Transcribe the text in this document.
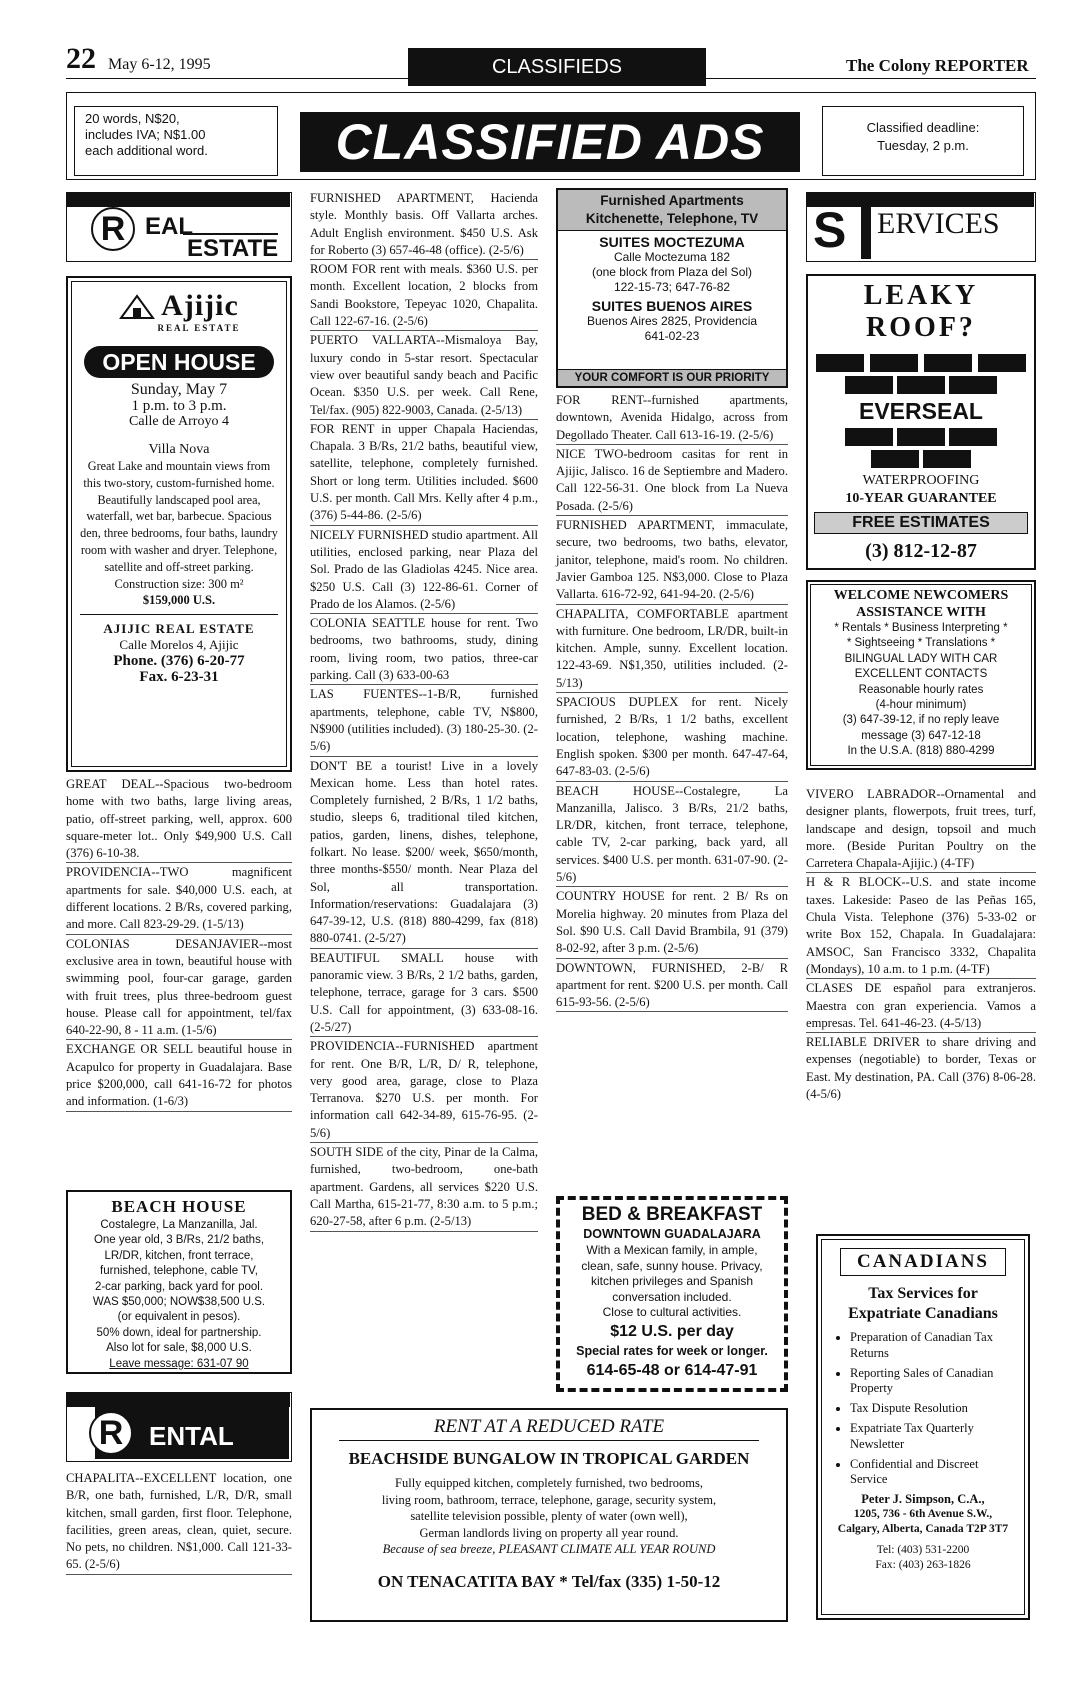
22 May 6-12, 1995	CLASSIFIEDS	The Colony REPORTER
20 words, N$20,
includes IVA; N$1.00
each additional word.	CLASSIFIED ADS	Classified deadline:
Tuesday, 2 p.m.
R EAL
ESTATE
Ajijic
REAL ESTATE
OPEN HOUSE
Sunday, May 7
1 p.m. to 3 p.m.
Calle de Arroyo 4
Villa Nova
Great Lake and mountain views from this two-story, custom-furnished home. Beautifully landscaped pool area, waterfall, wet bar, barbecue. Spacious den, three bedrooms, four baths, laundry room with washer and dryer. Telephone, satellite and off-street parking.
Construction size: 300 m²
$159,000 U.S.
AJIJIC REAL ESTATE
Calle Morelos 4, Ajijic
Phone. (376) 6-20-77
Fax. 6-23-31

GREAT DEAL--Spacious two-bedroom home with two baths, large living areas, patio, off-street parking, well, approx. 600 square-meter lot.. Only $49,900 U.S. Call (376) 6-10-38.

PROVIDENCIA--TWO magnificent apartments for sale. $40,000 U.S. each, at different locations. 2 B/Rs, covered parking, and more. Call 823-29-29. (1-5/13)

COLONIAS DESANJAVIER--most exclusive area in town, beautiful house with swimming pool, four-car garage, garden with fruit trees, plus three-bedroom guest house. Please call for appointment, tel/fax 640-22-90, 8 - 11 a.m. (1-5/6)

EXCHANGE OR SELL beautiful house in Acapulco for property in Guadalajara. Base price $200,000, call 641-16-72 for photos and information. (1-6/3)

BEACH HOUSE
Costalegre, La Manzanilla, Jal.
One year old, 3 B/Rs, 21/2 baths,
LR/DR, kitchen, front terrace,
furnished, telephone, cable TV,
2-car parking, back yard for pool.
WAS $50,000; NOW$38,500 U.S.
(or equivalent in pesos).
50% down, ideal for partnership.
Also lot for sale, $8,000 U.S.
Leave message: 631-07 90
R ENTAL

CHAPALITA--EXCELLENT location, one B/R, one bath, furnished, L/R, D/R, small kitchen, small garden, first floor. Telephone, facilities, green areas, clean, quiet, secure. No pets, no children. N$1,000. Call 121-33-65. (2-5/6)

FURNISHED APARTMENT, Hacienda style. Monthly basis. Off Vallarta arches. Adult English environment. $450 U.S. Ask for Roberto (3) 657-46-48 (office). (2-5/6)

ROOM FOR rent with meals. $360 U.S. per month. Excellent location, 2 blocks from Sandi Bookstore, Tepeyac 1020, Chapalita. Call 122-67-16. (2-5/6)

PUERTO VALLARTA--Mismaloya Bay, luxury condo in 5-star resort. Spectacular view over beautiful sandy beach and Pacific Ocean. $350 U.S. per week. Call Rene, Tel/fax. (905) 822-9003, Canada. (2-5/13)

FOR RENT in upper Chapala Haciendas, Chapala. 3 B/Rs, 21/2 baths, beautiful view, satellite, telephone, completely furnished. Short or long term. Utilities included. $600 U.S. per month. Call Mrs. Kelly after 4 p.m., (376) 5-44-86. (2-5/6)

NICELY FURNISHED studio apartment. All utilities, enclosed parking, near Plaza del Sol. Prado de las Gladiolas 4245. Nice area. $250 U.S. Call (3) 122-86-61. Corner of Prado de los Alamos. (2-5/6)

COLONIA SEATTLE house for rent. Two bedrooms, two bathrooms, study, dining room, living room, two patios, three-car parking. Call (3) 633-00-63

LAS FUENTES--1-B/R, furnished apartments, telephone, cable TV, N$800, N$900 (utilities included). (3) 180-25-30. (2-5/6)

DON'T BE a tourist! Live in a lovely Mexican home. Less than hotel rates. Completely furnished, 2 B/Rs, 1 1/2 baths, studio, sleeps 6, traditional tiled kitchen, patios, garden, linens, dishes, telephone, folkart. No lease. $200/ week, $650/month, three months-$550/ month. Near Plaza del Sol, all transportation. Information/reservations: Guadalajara (3) 647-39-12, U.S. (818) 880-4299, fax (818) 880-0741. (2-5/27)

BEAUTIFUL SMALL house with panoramic view. 3 B/Rs, 2 1/2 baths, garden, telephone, terrace, garage for 3 cars. $500 U.S. Call for appointment, (3) 633-08-16. (2-5/27)

PROVIDENCIA--FURNISHED apartment for rent. One B/R, L/R, D/ R, telephone, very good area, garage, close to Plaza Terranova. $270 U.S. per month. For information call 642-34-89, 615-76-95. (2-5/6)

SOUTH SIDE of the city, Pinar de la Calma, furnished, two-bedroom, one-bath apartment. Gardens, all services $220 U.S. Call Martha, 615-21-77, 8:30 a.m. to 5 p.m.; 620-27-58, after 6 p.m. (2-5/13)

Furnished Apartments
Kitchenette, Telephone, TV
SUITES MOCTEZUMA
Calle Moctezuma 182
(one block from Plaza del Sol)
122-15-73; 647-76-82
SUITES BUENOS AIRES
Buenos Aires 2825, Providencia
641-02-23
YOUR COMFORT IS OUR PRIORITY

FOR RENT--furnished apartments, downtown, Avenida Hidalgo, across from Degollado Theater. Call 613-16-19. (2-5/6)

NICE TWO-bedroom casitas for rent in Ajijic, Jalisco. 16 de Septiembre and Madero. Call 122-56-31. One block from La Nueva Posada. (2-5/6)

FURNISHED APARTMENT, immaculate, secure, two bedrooms, two baths, elevator, janitor, telephone, maid's room. No children. Javier Gamboa 125. N$3,000. Close to Plaza Vallarta. 616-72-92, 641-94-20. (2-5/6)

CHAPALITA, COMFORTABLE apartment with furniture. One bedroom, LR/DR, built-in kitchen. Ample, sunny. Excellent location. 122-43-69. N$1,350, utilities included. (2-5/13)

SPACIOUS DUPLEX for rent. Nicely furnished, 2 B/Rs, 1 1/2 baths, excellent location, telephone, washing machine. English spoken. $300 per month. 647-47-64, 647-83-03. (2-5/6)

BEACH HOUSE--Costalegre, La Manzanilla, Jalisco. 3 B/Rs, 21/2 baths, LR/DR, kitchen, front terrace, telephone, cable TV, 2-car parking, back yard, all services. $400 U.S. per month. 631-07-90. (2-5/6)

COUNTRY HOUSE for rent. 2 B/ Rs on Morelia highway. 20 minutes from Plaza del Sol. $90 U.S. Call David Brambila, 91 (379) 8-02-92, after 3 p.m. (2-5/6)

DOWNTOWN, FURNISHED, 2-B/ R apartment for rent. $200 U.S. per month. Call 615-93-56. (2-5/6)

BED & BREAKFAST
DOWNTOWN GUADALAJARA
With a Mexican family, in ample,
clean, safe, sunny house. Privacy,
kitchen privileges and Spanish
conversation included.
Close to cultural activities.
$12 U.S. per day
Special rates for week or longer.
614-65-48 or 614-47-91
RENT AT A REDUCED RATE
BEACHSIDE BUNGALOW IN TROPICAL GARDEN
Fully equipped kitchen, completely furnished, two bedrooms,
living room, bathroom, terrace, telephone, garage, security system,
satellite television possible, plenty of water (own well),
German landlords living on property all year round.
Because of sea breeze, PLEASANT CLIMATE ALL YEAR ROUND
ON TENACATITA BAY * Tel/fax (335) 1-50-12
S ERVICES
LEAKY
ROOF?
EVERSEAL
WATERPROOFING
10-YEAR GUARANTEE
FREE ESTIMATES
(3) 812-12-87
WELCOME NEWCOMERS
ASSISTANCE WITH
* Rentals * Business Interpreting *
* Sightseeing * Translations *
BILINGUAL LADY WITH CAR
EXCELLENT CONTACTS
Reasonable hourly rates
(4-hour minimum)
(3) 647-39-12, if no reply leave
message (3) 647-12-18
In the U.S.A. (818) 880-4299

VIVERO LABRADOR--Ornamental and designer plants, flowerpots, fruit trees, turf, landscape and design, topsoil and much more. (Beside Puritan Poultry on the Carretera Chapala-Ajijic.) (4-TF)

H & R BLOCK--U.S. and state income taxes. Lakeside: Paseo de las Peñas 165, Chula Vista. Telephone (376) 5-33-02 or write Box 152, Chapala. In Guadalajara: AMSOC, San Francisco 3332, Chapalita (Mondays), 10 a.m. to 1 p.m. (4-TF)

CLASES DE español para extranjeros. Maestra con gran experiencia. Vamos a empresas. Tel. 641-46-23. (4-5/13)

RELIABLE DRIVER to share driving and expenses (negotiable) to border, Texas or East. My destination, PA. Call (376) 8-06-28. (4-5/6)

CANADIANS
Tax Services for Expatriate Canadians
• Preparation of Canadian Tax Returns
• Reporting Sales of Canadian Property
• Tax Dispute Resolution
• Expatriate Tax Quarterly Newsletter
• Confidential and Discreet Service
Peter J. Simpson, C.A.,
1205, 736 - 6th Avenue S.W.,
Calgary, Alberta, Canada T2P 3T7
Tel: (403) 531-2200
Fax: (403) 263-1826
